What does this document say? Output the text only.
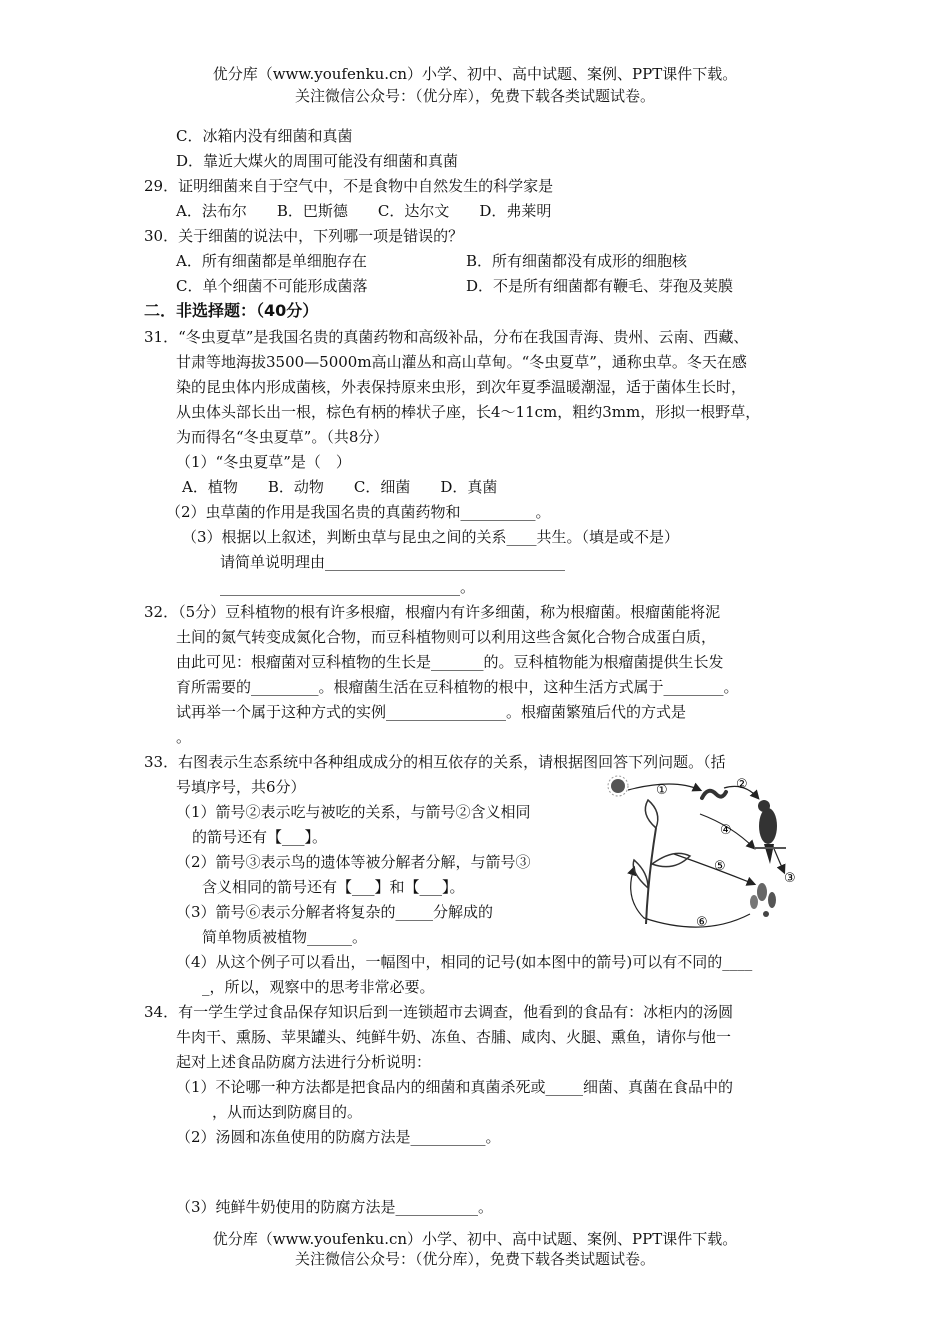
优分库（www.youfenku.cn）小学、初中、高中试题、案例、PPT课件下载。
关注微信公众号：（优分库），免费下载各类试题试卷。
C．冰箱内没有细菌和真菌
D．靠近大煤火的周围可能没有细菌和真菌
29．证明细菌来自于空气中，不是食物中自然发生的科学家是
A．法布尔　　B．巴斯德　　C．达尔文　　D．弗莱明
30．关于细菌的说法中，下列哪一项是错误的？
A．所有细菌都是单细胞存在	B．所有细菌都没有成形的细胞核
C．单个细菌不可能形成菌落	D．不是所有细菌都有鞭毛、芽孢及荚膜
二．非选择题：（40分）
31．“冬虫夏草”是我国名贵的真菌药物和高级补品，分布在我国青海、贵州、云南、西藏、
甘肃等地海拔3500—5000m高山灌丛和高山草甸。“冬虫夏草”，通称虫草。冬天在感
染的昆虫体内形成菌核，外表保持原来虫形，到次年夏季温暖潮湿，适于菌体生长时，
从虫体头部长出一根，棕色有柄的棒状子座，长4～11cm，粗约3mm，形拟一根野草，
为而得名“冬虫夏草”。（共8分）
（1）“冬虫夏草”是（　）
A．植物　　B．动物　　C．细菌　　D．真菌
（2）虫草菌的作用是我国名贵的真菌药物和__________。
（3）根据以上叙述，判断虫草与昆虫之间的关系____共生。（填是或不是）
请简单说明理由________________________________
________________________________。
32．（5分）豆科植物的根有许多根瘤，根瘤内有许多细菌，称为根瘤菌。根瘤菌能将泥
土间的氮气转变成氮化合物，而豆科植物则可以利用这些含氮化合物合成蛋白质，
由此可见：根瘤菌对豆科植物的生长是_______的。豆科植物能为根瘤菌提供生长发
育所需要的_________。根瘤菌生活在豆科植物的根中，这种生活方式属于________。
试再举一个属于这种方式的实例________________。根瘤菌繁殖后代的方式是
。
33．右图表示生态系统中各种组成成分的相互依存的关系，请根据图回答下列问题。（括
号填序号，共6分）
（1）箭号②表示吃与被吃的关系，与箭号②含义相同
的箭号还有【___】。
（2）箭号③表示鸟的遗体等被分解者分解，与箭号③
含义相同的箭号还有【___】和【___】。
（3）箭号⑥表示分解者将复杂的_____分解成的
简单物质被植物______。
（4）从这个例子可以看出，一幅图中，相同的记号(如本图中的箭号)可以有不同的____
_，所以，观察中的思考非常必要。
34．有一学生学过食品保存知识后到一连锁超市去调查，他看到的食品有：冰柜内的汤圆
牛肉干、熏肠、苹果罐头、纯鲜牛奶、冻鱼、杏脯、咸肉、火腿、熏鱼，请你与他一
起对上述食品防腐方法进行分析说明：
（1）不论哪一种方法都是把食品内的细菌和真菌杀死或_____细菌、真菌在食品中的
，从而达到防腐目的。
（2）汤圆和冻鱼使用的防腐方法是__________。
（3）纯鲜牛奶使用的防腐方法是___________。
①	②
③
④
⑤
⑥
优分库（www.youfenku.cn）小学、初中、高中试题、案例、PPT课件下载。
关注微信公众号：（优分库），免费下载各类试题试卷。
